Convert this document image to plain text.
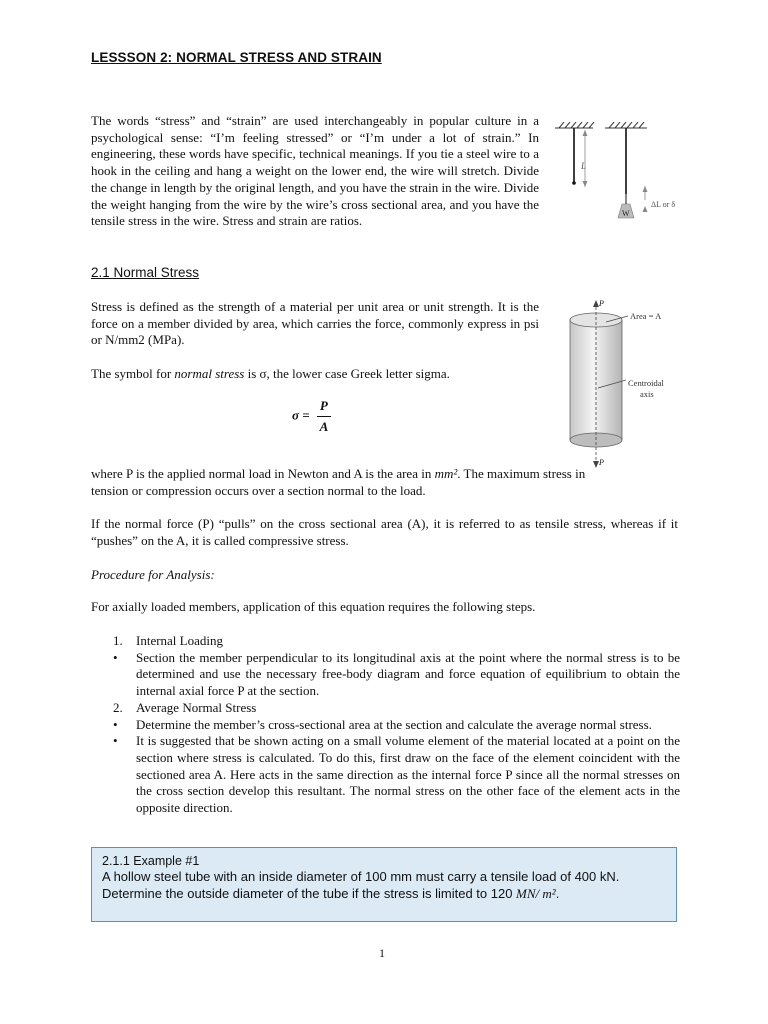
LESSSON 2: NORMAL STRESS AND STRAIN

The words “stress” and “strain” are used interchangeably in popular culture in a psychological sense: “I’m feeling stressed” or “I’m under a lot of strain.” In engineering, these words have specific, technical meanings. If you tie a steel wire to a hook in the ceiling and hang a weight on the lower end, the wire will stretch. Divide the change in length by the original length, and you have the strain in the wire. Divide the weight hanging from the wire by the wire’s cross sectional area, and you have the tensile stress in the wire. Stress and strain are ratios.

L
ΔL or δ
W
2.1 Normal Stress

Stress is defined as the strength of a material per unit area or unit strength. It is the force on a member divided by area, which carries the force, commonly express in psi or N/mm2 (MPa).

The symbol for normal stress is σ, the lower case Greek letter sigma.

$\sigma = \frac{P}{A}$
P
P
Area = A
Centroidal
axis

where P is the applied normal load in Newton and A is the area in mm². The maximum stress in tension or compression occurs over a section normal to the load.

If the normal force (P) “pulls” on the cross sectional area (A), it is referred to as tensile stress, whereas if it “pushes” on the A, it is called compressive stress.

Procedure for Analysis:

For axially loaded members, application of this equation requires the following steps.

1. Internal Loading
• Section the member perpendicular to its longitudinal axis at the point where the normal stress is to be determined and use the necessary free-body diagram and force equation of equilibrium to obtain the internal axial force P at the section.
2. Average Normal Stress
• Determine the member’s cross-sectional area at the section and calculate the average normal stress.
• It is suggested that be shown acting on a small volume element of the material located at a point on the section where stress is calculated. To do this, first draw on the face of the element coincident with the sectioned area A. Here acts in the same direction as the internal force P since all the normal stresses on the cross section develop this resultant. The normal stress on the other face of the element acts in the opposite direction.
2.1.1 Example #1
A hollow steel tube with an inside diameter of 100 mm must carry a tensile load of 400 kN.
Determine the outside diameter of the tube if the stress is limited to 120 MN/ m².
1
